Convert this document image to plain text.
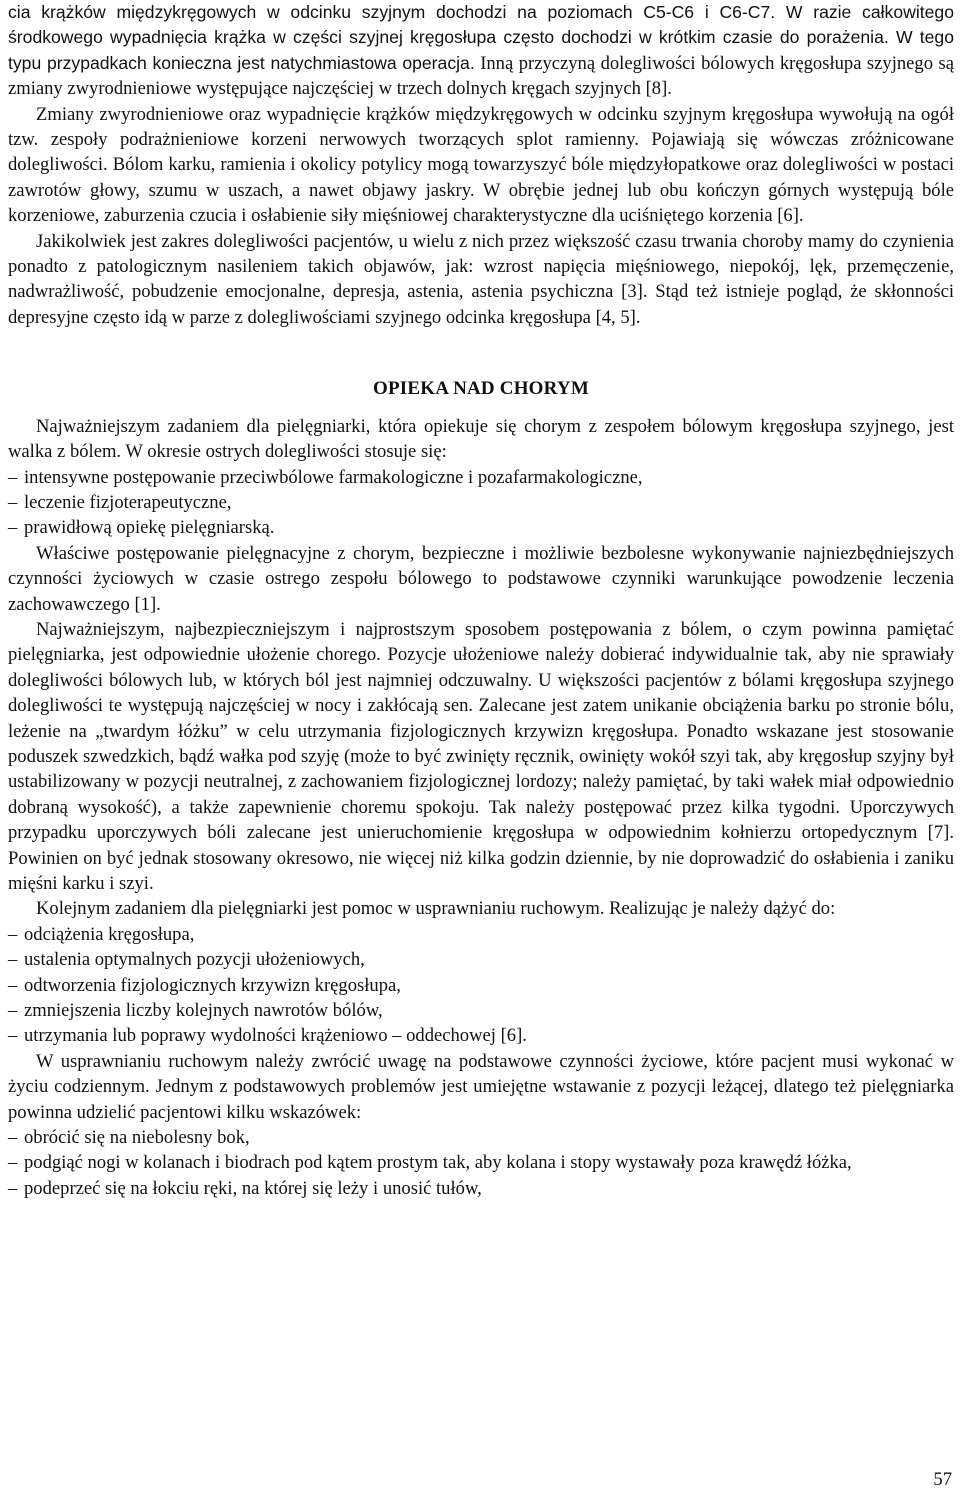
cia krążków międzykręgowych w odcinku szyjnym dochodzi na poziomach C5-C6 i C6-C7. W razie całkowitego środkowego wypadnięcia krążka w części szyjnej kręgosłupa często dochodzi w krótkim czasie do porażenia. W tego typu przypadkach konieczna jest natychmiastowa operacja. Inną przyczyną dolegliwości bólowych kręgosłupa szyjnego są zmiany zwyrodnieniowe występujące najczęściej w trzech dolnych kręgach szyjnych [8].

Zmiany zwyrodnieniowe oraz wypadnięcie krążków międzykręgowych w odcinku szyjnym kręgosłupa wywołują na ogół tzw. zespoły podrażnieniowe korzeni nerwowych tworzących splot ramienny. Pojawiają się wówczas zróżnicowane dolegliwości. Bólom karku, ramienia i okolicy potylicy mogą towarzyszyć bóle międzyłopatkowe oraz dolegliwości w postaci zawrotów głowy, szumu w uszach, a nawet objawy jaskry. W obrębie jednej lub obu kończyn górnych występują bóle korzeniowe, zaburzenia czucia i osłabienie siły mięśniowej charakterystyczne dla uciśniętego korzenia [6].

Jakikolwiek jest zakres dolegliwości pacjentów, u wielu z nich przez większość czasu trwania choroby mamy do czynienia ponadto z patologicznym nasileniem takich objawów, jak: wzrost napięcia mięśniowego, niepokój, lęk, przemęczenie, nadwrażliwość, pobudzenie emocjonalne, depresja, astenia, astenia psychiczna [3]. Stąd też istnieje pogląd, że skłonności depresyjne często idą w parze z dolegliwościami szyjnego odcinka kręgosłupa [4, 5].

OPIEKA NAD CHORYM

Najważniejszym zadaniem dla pielęgniarki, która opiekuje się chorym z zespołem bólowym kręgosłupa szyjnego, jest walka z bólem. W okresie ostrych dolegliwości stosuje się:

– intensywne postępowanie przeciwbólowe farmakologiczne i pozafarmakologiczne,
– leczenie fizjoterapeutyczne,
– prawidłową opiekę pielęgniarską.

Właściwe postępowanie pielęgnacyjne z chorym, bezpieczne i możliwie bezbolesne wykonywanie najniezbędniejszych czynności życiowych w czasie ostrego zespołu bólowego to podstawowe czynniki warunkujące powodzenie leczenia zachowawczego [1].

Najważniejszym, najbezpieczniejszym i najprostszym sposobem postępowania z bólem, o czym powinna pamiętać pielęgniarka, jest odpowiednie ułożenie chorego. Pozycje ułożeniowe należy dobierać indywidualnie tak, aby nie sprawiały dolegliwości bólowych lub, w których ból jest najmniej odczuwalny. U większości pacjentów z bólami kręgosłupa szyjnego dolegliwości te występują najczęściej w nocy i zakłócają sen. Zalecane jest zatem unikanie obciążenia barku po stronie bólu, leżenie na „twardym łóżku” w celu utrzymania fizjologicznych krzywizn kręgosłupa. Ponadto wskazane jest stosowanie poduszek szwedzkich, bądź wałka pod szyję (może to być zwinięty ręcznik, owinięty wokół szyi tak, aby kręgosłup szyjny był ustabilizowany w pozycji neutralnej, z zachowaniem fizjologicznej lordozy; należy pamiętać, by taki wałek miał odpowiednio dobraną wysokość), a także zapewnienie choremu spokoju. Tak należy postępować przez kilka tygodni. Uporczywych przypadku uporczywych bóli zalecane jest unieruchomienie kręgosłupa w odpowiednim kołnierzu ortopedycznym [7]. Powinien on być jednak stosowany okresowo, nie więcej niż kilka godzin dziennie, by nie doprowadzić do osłabienia i zaniku mięśni karku i szyi.

Kolejnym zadaniem dla pielęgniarki jest pomoc w usprawnianiu ruchowym. Realizując je należy dążyć do:

– odciążenia kręgosłupa,
– ustalenia optymalnych pozycji ułożeniowych,
– odtworzenia fizjologicznych krzywizn kręgosłupa,
– zmniejszenia liczby kolejnych nawrotów bólów,
– utrzymania lub poprawy wydolności krążeniowo – oddechowej [6].

W usprawnianiu ruchowym należy zwrócić uwagę na podstawowe czynności życiowe, które pacjent musi wykonać w życiu codziennym. Jednym z podstawowych problemów jest umiejętne wstawanie z pozycji leżącej, dlatego też pielęgniarka powinna udzielić pacjentowi kilku wskazówek:

– obrócić się na niebolesny bok,
– podgiąć nogi w kolanach i biodrach pod kątem prostym tak, aby kolana i stopy wystawały poza krawędź łóżka,
– podeprzeć się na łokciu ręki, na której się leży i unosić tułów,
57
